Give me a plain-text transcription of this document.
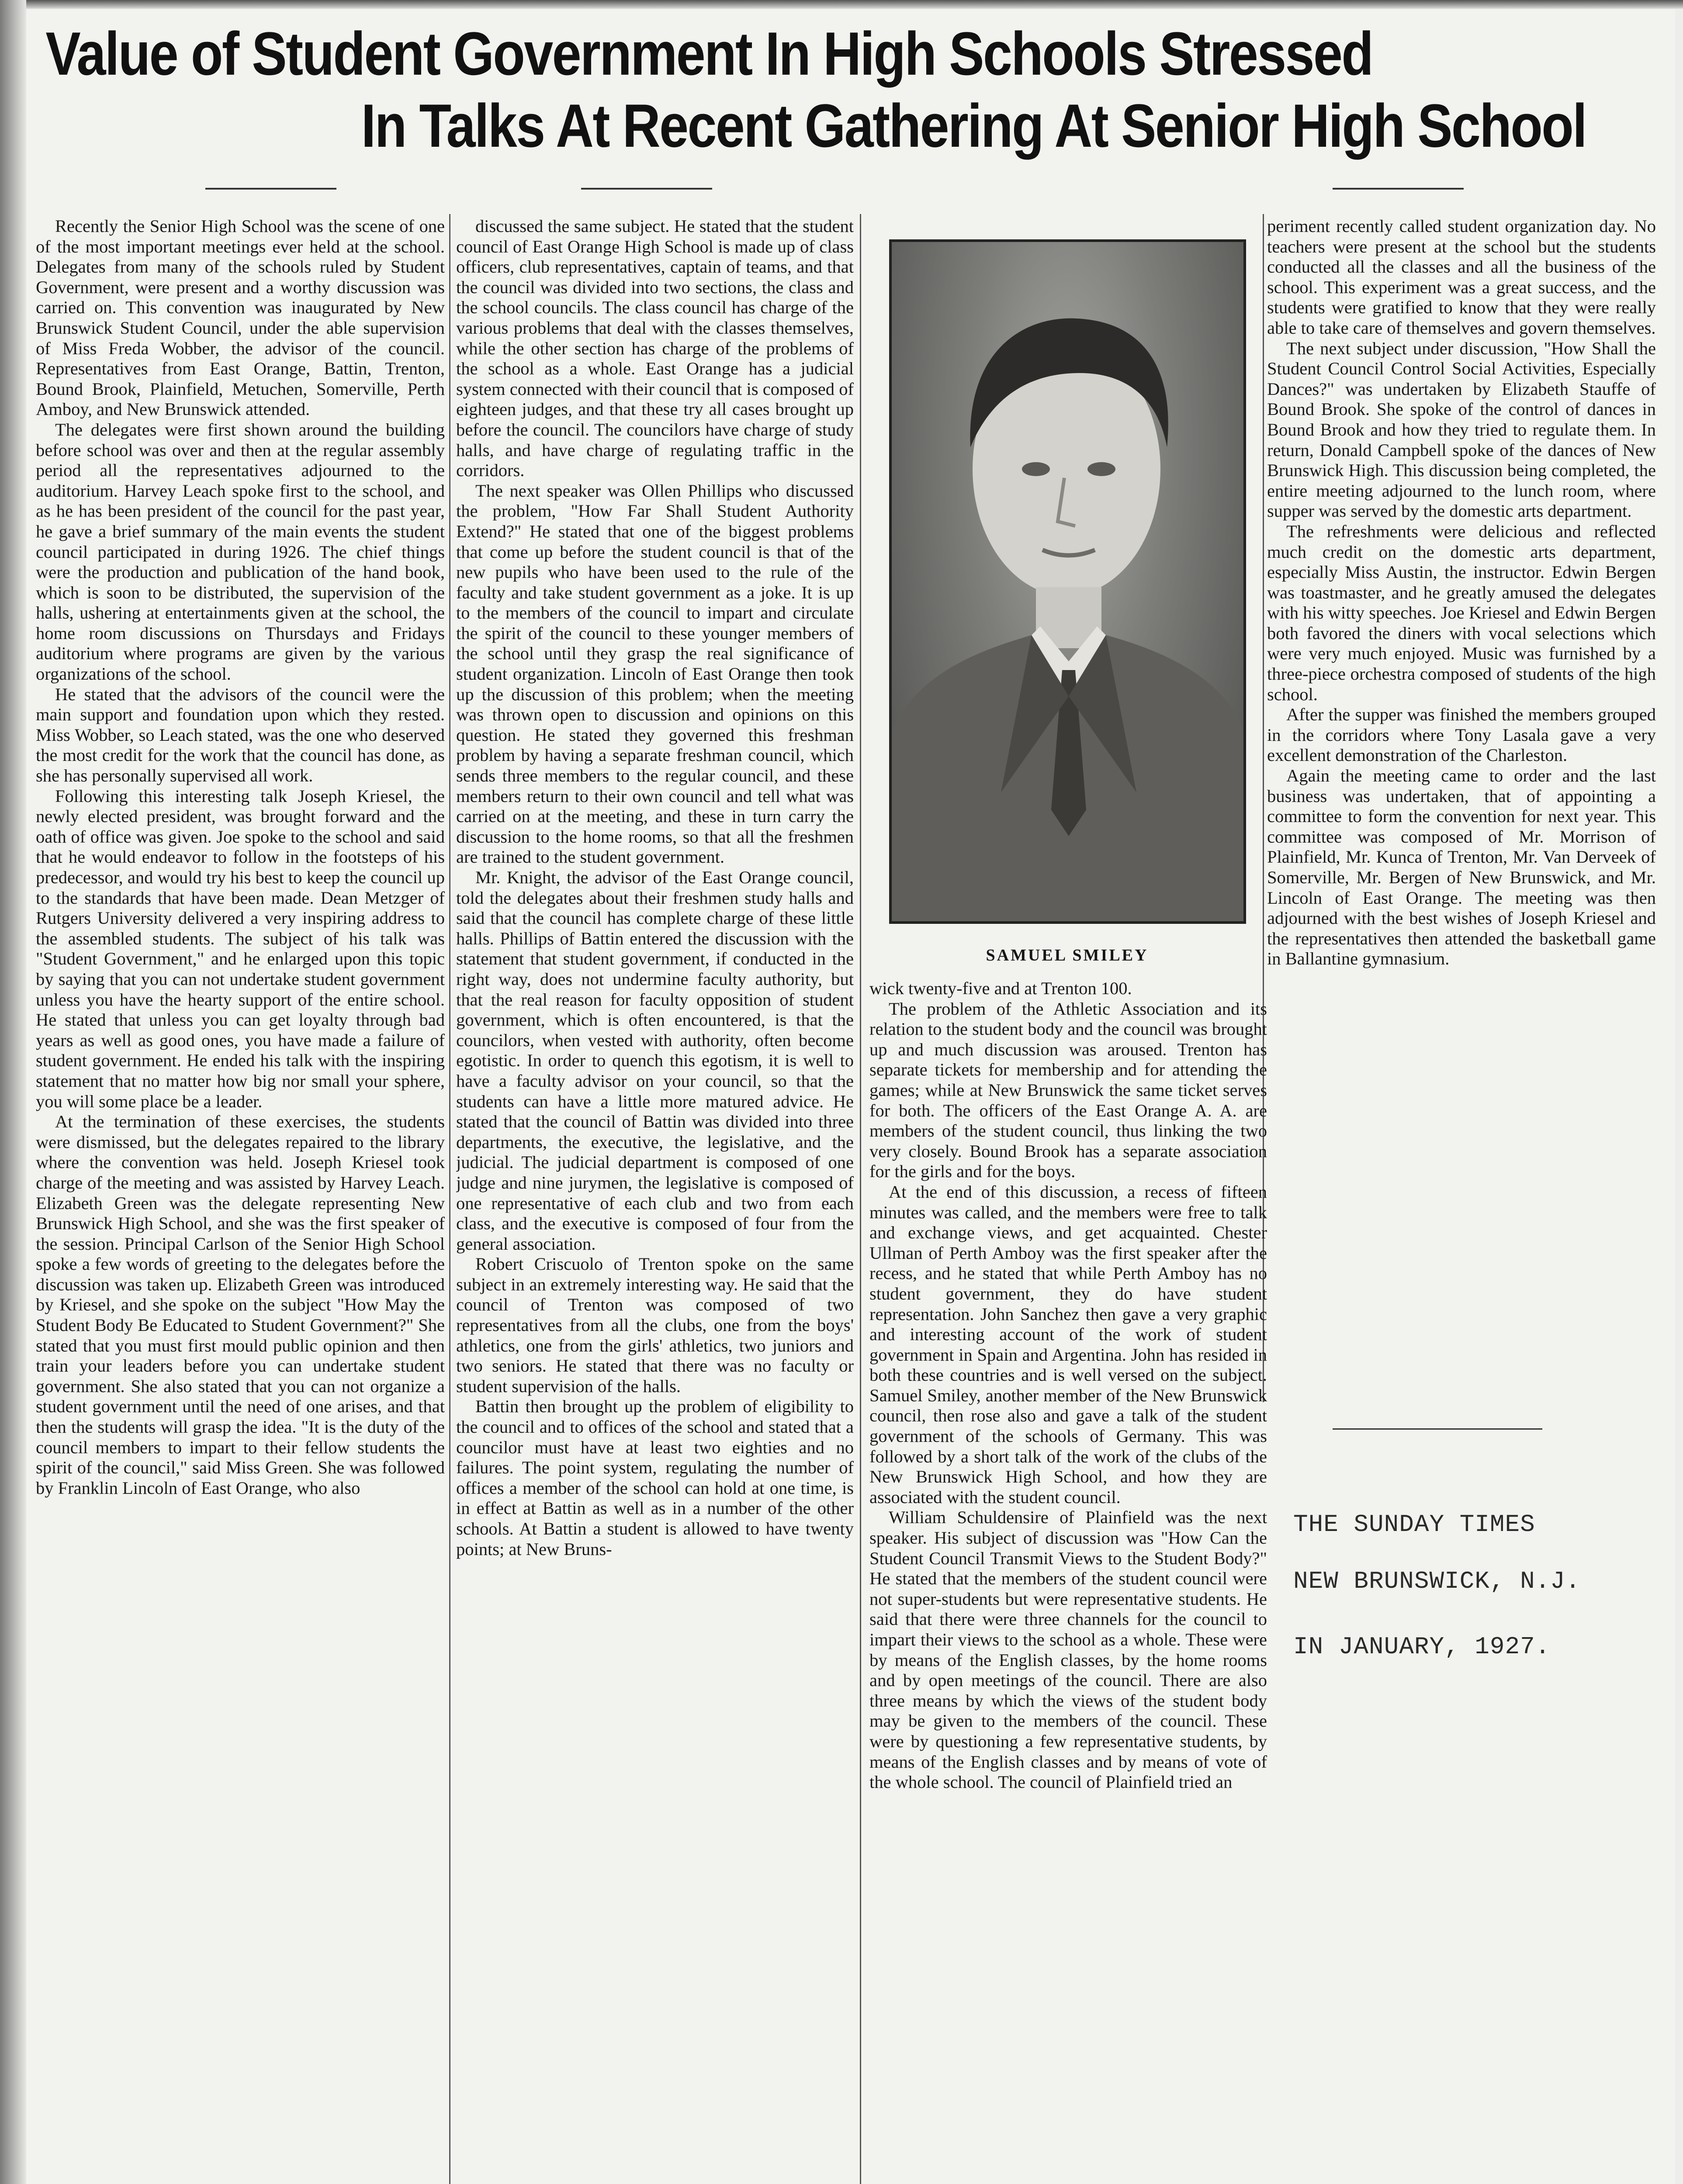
Value of Student Government In High Schools Stressed
In Talks At Recent Gathering At Senior High School

Recently the Senior High School was the scene of one of the most important meetings ever held at the school. Delegates from many of the schools ruled by Student Government, were present and a worthy discussion was carried on. This convention was inaugurated by New Brunswick Student Council, under the able supervision of Miss Freda Wobber, the advisor of the council. Representatives from East Orange, Battin, Trenton, Bound Brook, Plainfield, Metuchen, Somerville, Perth Amboy, and New Brunswick attended.

The delegates were first shown around the building before school was over and then at the regular assembly period all the representatives adjourned to the auditorium. Harvey Leach spoke first to the school, and as he has been president of the council for the past year, he gave a brief summary of the main events the student council participated in during 1926. The chief things were the production and publication of the hand book, which is soon to be distributed, the supervision of the halls, ushering at entertainments given at the school, the home room discussions on Thursdays and Fridays auditorium where programs are given by the various organizations of the school.

He stated that the advisors of the council were the main support and foundation upon which they rested. Miss Wobber, so Leach stated, was the one who deserved the most credit for the work that the council has done, as she has personally supervised all work.

Following this interesting talk Joseph Kriesel, the newly elected president, was brought forward and the oath of office was given. Joe spoke to the school and said that he would endeavor to follow in the footsteps of his predecessor, and would try his best to keep the council up to the standards that have been made. Dean Metzger of Rutgers University delivered a very inspiring address to the assembled students. The subject of his talk was "Student Government," and he enlarged upon this topic by saying that you can not undertake student government unless you have the hearty support of the entire school. He stated that unless you can get loyalty through bad years as well as good ones, you have made a failure of student government. He ended his talk with the inspiring statement that no matter how big nor small your sphere, you will some place be a leader.

At the termination of these exercises, the students were dismissed, but the delegates repaired to the library where the convention was held. Joseph Kriesel took charge of the meeting and was assisted by Harvey Leach. Elizabeth Green was the delegate representing New Brunswick High School, and she was the first speaker of the session. Principal Carlson of the Senior High School spoke a few words of greeting to the delegates before the discussion was taken up. Elizabeth Green was introduced by Kriesel, and she spoke on the subject "How May the Student Body Be Educated to Student Government?" She stated that you must first mould public opinion and then train your leaders before you can undertake student government. She also stated that you can not organize a student government until the need of one arises, and that then the students will grasp the idea. "It is the duty of the council members to impart to their fellow students the spirit of the council," said Miss Green. She was followed by Franklin Lincoln of East Orange, who also

discussed the same subject. He stated that the student council of East Orange High School is made up of class officers, club representatives, captain of teams, and that the council was divided into two sections, the class and the school councils. The class council has charge of the various problems that deal with the classes themselves, while the other section has charge of the problems of the school as a whole. East Orange has a judicial system connected with their council that is composed of eighteen judges, and that these try all cases brought up before the council. The councilors have charge of study halls, and have charge of regulating traffic in the corridors.

The next speaker was Ollen Phillips who discussed the problem, "How Far Shall Student Authority Extend?" He stated that one of the biggest problems that come up before the student council is that of the new pupils who have been used to the rule of the faculty and take student government as a joke. It is up to the members of the council to impart and circulate the spirit of the council to these younger members of the school until they grasp the real significance of student organization. Lincoln of East Orange then took up the discussion of this problem; when the meeting was thrown open to discussion and opinions on this question. He stated they governed this freshman problem by having a separate freshman council, which sends three members to the regular council, and these members return to their own council and tell what was carried on at the meeting, and these in turn carry the discussion to the home rooms, so that all the freshmen are trained to the student government.

Mr. Knight, the advisor of the East Orange council, told the delegates about their freshmen study halls and said that the council has complete charge of these little halls. Phillips of Battin entered the discussion with the statement that student government, if conducted in the right way, does not undermine faculty authority, but that the real reason for faculty opposition of student government, which is often encountered, is that the councilors, when vested with authority, often become egotistic. In order to quench this egotism, it is well to have a faculty advisor on your council, so that the students can have a little more matured advice. He stated that the council of Battin was divided into three departments, the executive, the legislative, and the judicial. The judicial department is composed of one judge and nine jurymen, the legislative is composed of one representative of each club and two from each class, and the executive is composed of four from the general association.

Robert Criscuolo of Trenton spoke on the same subject in an extremely interesting way. He said that the council of Trenton was composed of two representatives from all the clubs, one from the boys' athletics, one from the girls' athletics, two juniors and two seniors. He stated that there was no faculty or student supervision of the halls.

Battin then brought up the problem of eligibility to the council and to offices of the school and stated that a councilor must have at least two eighties and no failures. The point system, regulating the number of offices a member of the school can hold at one time, is in effect at Battin as well as in a number of the other schools. At Battin a student is allowed to have twenty points; at New Bruns-

SAMUEL SMILEY

wick twenty-five and at Trenton 100.

The problem of the Athletic Association and its relation to the student body and the council was brought up and much discussion was aroused. Trenton has separate tickets for membership and for attending the games; while at New Brunswick the same ticket serves for both. The officers of the East Orange A. A. are members of the student council, thus linking the two very closely. Bound Brook has a separate association for the girls and for the boys.

At the end of this discussion, a recess of fifteen minutes was called, and the members were free to talk and exchange views, and get acquainted. Chester Ullman of Perth Amboy was the first speaker after the recess, and he stated that while Perth Amboy has no student government, they do have student representation. John Sanchez then gave a very graphic and interesting account of the work of student government in Spain and Argentina. John has resided in both these countries and is well versed on the subject. Samuel Smiley, another member of the New Brunswick council, then rose also and gave a talk of the student government of the schools of Germany. This was followed by a short talk of the work of the clubs of the New Brunswick High School, and how they are associated with the student council.

William Schuldensire of Plainfield was the next speaker. His subject of discussion was "How Can the Student Council Transmit Views to the Student Body?" He stated that the members of the student council were not super-students but were representative students. He said that there were three channels for the council to impart their views to the school as a whole. These were by means of the English classes, by the home rooms and by open meetings of the council. There are also three means by which the views of the student body may be given to the members of the council. These were by questioning a few representative students, by means of the English classes and by means of vote of the whole school. The council of Plainfield tried an

periment recently called student organization day. No teachers were present at the school but the students conducted all the classes and all the business of the school. This experiment was a great success, and the students were gratified to know that they were really able to take care of themselves and govern themselves.

The next subject under discussion, "How Shall the Student Council Control Social Activities, Especially Dances?" was undertaken by Elizabeth Stauffe of Bound Brook. She spoke of the control of dances in Bound Brook and how they tried to regulate them. In return, Donald Campbell spoke of the dances of New Brunswick High. This discussion being completed, the entire meeting adjourned to the lunch room, where supper was served by the domestic arts department.

The refreshments were delicious and reflected much credit on the domestic arts department, especially Miss Austin, the instructor. Edwin Bergen was toastmaster, and he greatly amused the delegates with his witty speeches. Joe Kriesel and Edwin Bergen both favored the diners with vocal selections which were very much enjoyed. Music was furnished by a three-piece orchestra composed of students of the high school.

After the supper was finished the members grouped in the corridors where Tony Lasala gave a very excellent demonstration of the Charleston.

Again the meeting came to order and the last business was undertaken, that of appointing a committee to form the convention for next year. This committee was composed of Mr. Morrison of Plainfield, Mr. Kunca of Trenton, Mr. Van Derveek of Somerville, Mr. Bergen of New Brunswick, and Mr. Lincoln of East Orange. The meeting was then adjourned with the best wishes of Joseph Kriesel and the representatives then attended the basketball game in Ballantine gymnasium.

THE SUNDAY TIMES
NEW BRUNSWICK, N.J.
IN JANUARY, 1927.
